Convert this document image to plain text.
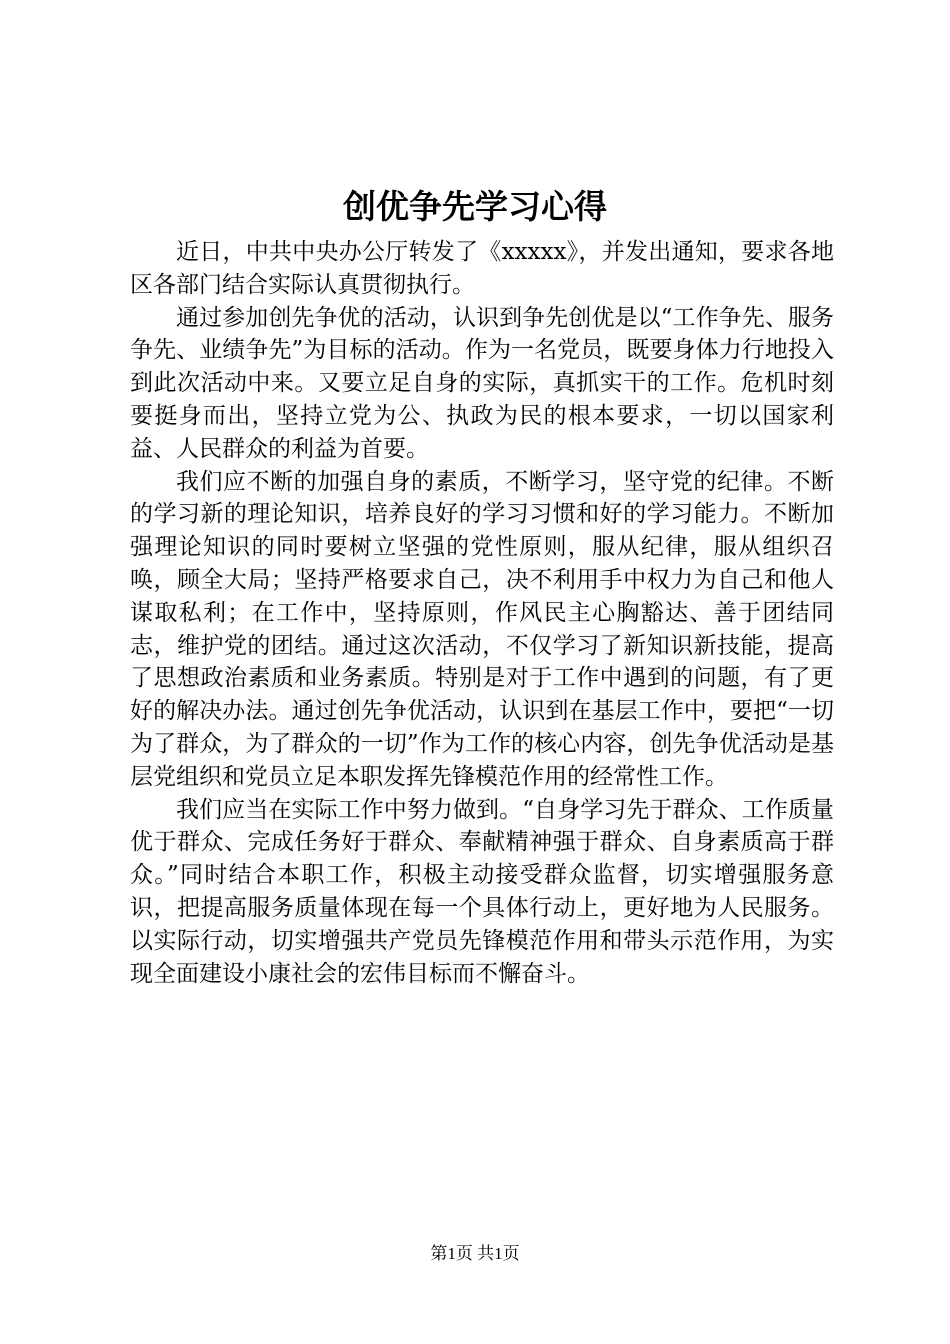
创优争先学习心得

近日，中共中央办公厅转发了《xxxxx》，并发出通知，要求各地区各部门结合实际认真贯彻执行。

通过参加创先争优的活动，认识到争先创优是以“工作争先、服务争先、业绩争先”为目标的活动。作为一名党员，既要身体力行地投入到此次活动中来。又要立足自身的实际，真抓实干的工作。危机时刻要挺身而出，坚持立党为公、执政为民的根本要求，一切以国家利益、人民群众的利益为首要。

我们应不断的加强自身的素质，不断学习，坚守党的纪律。不断的学习新的理论知识，培养良好的学习习惯和好的学习能力。不断加强理论知识的同时要树立坚强的党性原则，服从纪律，服从组织召唤，顾全大局；坚持严格要求自己，决不利用手中权力为自己和他人谋取私利；在工作中，坚持原则，作风民主心胸豁达、善于团结同志，维护党的团结。通过这次活动，不仅学习了新知识新技能，提高了思想政治素质和业务素质。特别是对于工作中遇到的问题，有了更好的解决办法。通过创先争优活动，认识到在基层工作中，要把“一切为了群众，为了群众的一切”作为工作的核心内容，创先争优活动是基层党组织和党员立足本职发挥先锋模范作用的经常性工作。

我们应当在实际工作中努力做到。“自身学习先于群众、工作质量优于群众、完成任务好于群众、奉献精神强于群众、自身素质高于群众。”同时结合本职工作，积极主动接受群众监督，切实增强服务意识，把提高服务质量体现在每一个具体行动上，更好地为人民服务。以实际行动，切实增强共产党员先锋模范作用和带头示范作用，为实现全面建设小康社会的宏伟目标而不懈奋斗。

第1页 共1页
